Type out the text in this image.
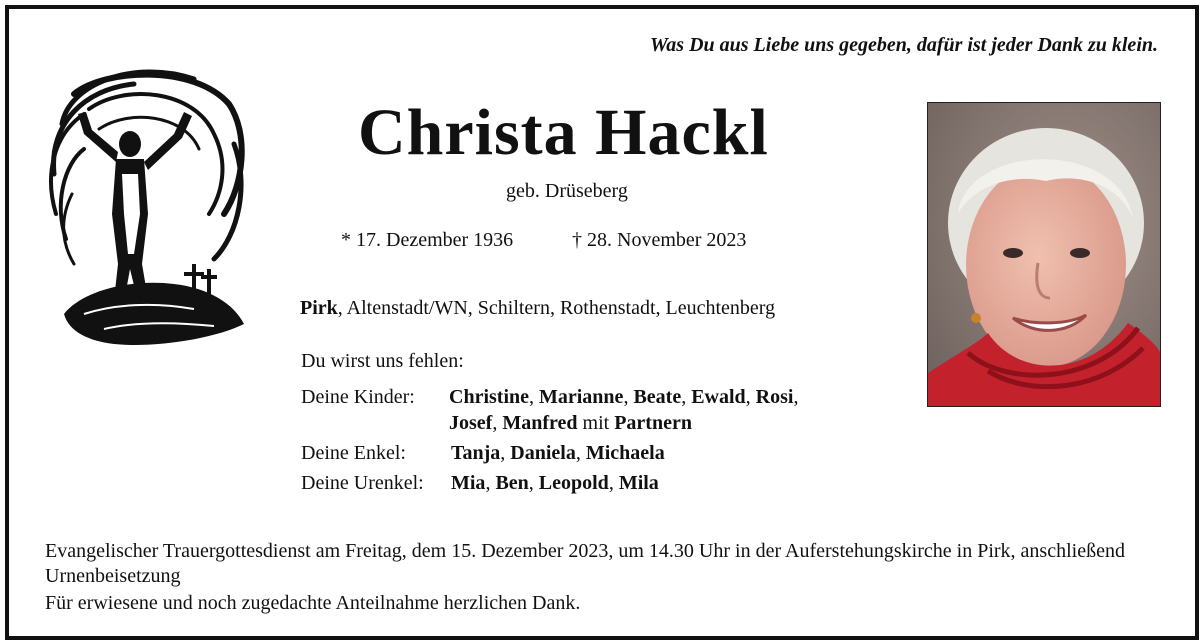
Was Du aus Liebe uns gegeben, dafür ist jeder Dank zu klein.
Christa Hackl
geb. Drüseberg
* 17. Dezember 1936	† 28. November 2023
Pirk, Altenstadt/WN, Schiltern, Rothenstadt, Leuchtenberg
Du wirst uns fehlen:
Deine Kinder: Christine, Marianne, Beate, Ewald, Rosi,
Josef, Manfred mit Partnern
Deine Enkel: Tanja, Daniela, Michaela
Deine Urenkel: Mia, Ben, Leopold, Mila
Evangelischer Trauergottesdienst am Freitag, dem 15. Dezember 2023, um 14.30 Uhr in der Auferstehungskirche in Pirk, anschließend Urnenbeisetzung
Für erwiesene und noch zugedachte Anteilnahme herzlichen Dank.
